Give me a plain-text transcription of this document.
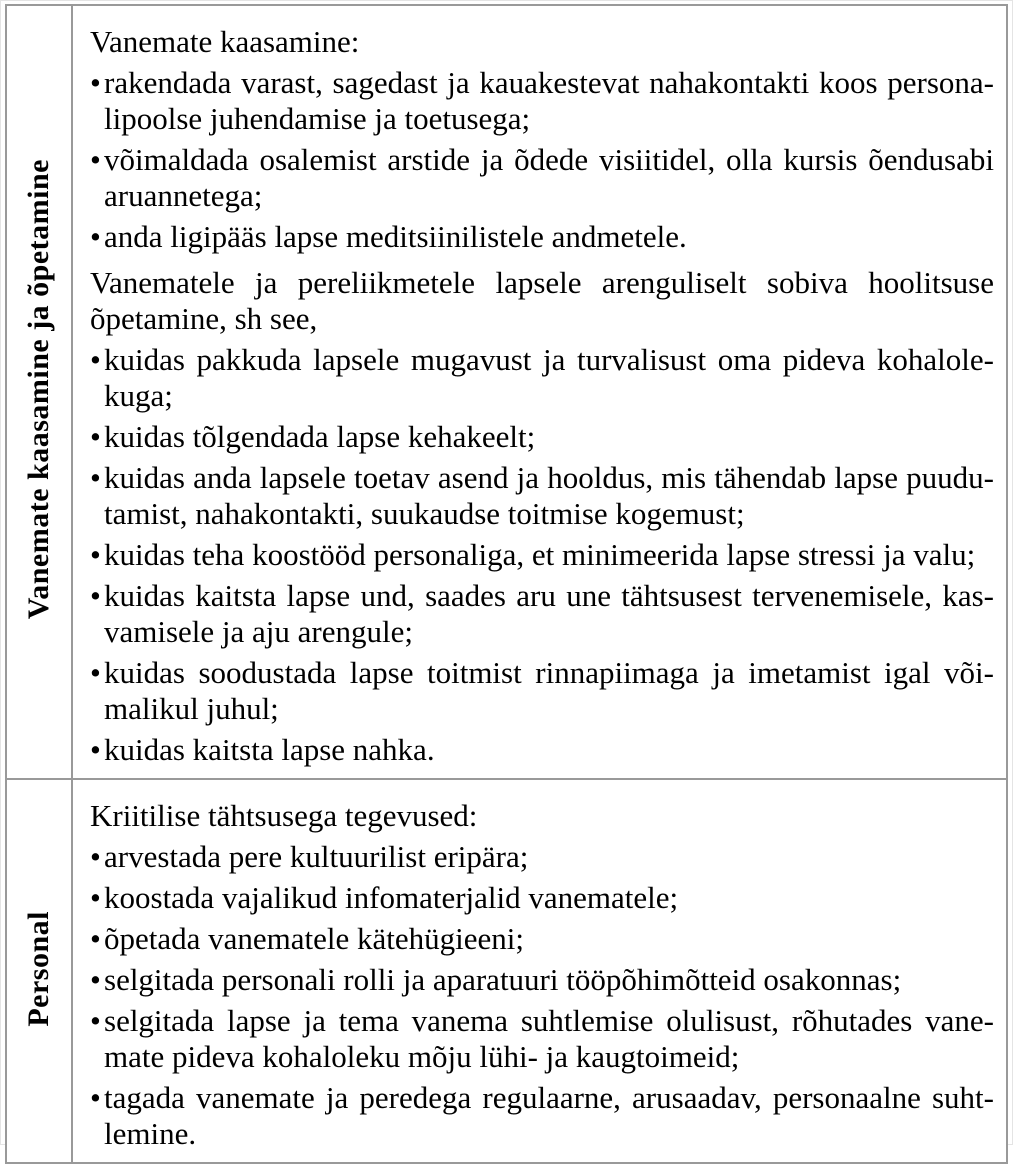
Vanemate kaasamine ja õpetamine	

Vanemate kaasamine:

• rakendada varast, sagedast ja kauakestevat nahakontakti koos personalipoolse juhendamise ja toetusega;
• võimaldada osalemist arstide ja õdede visiitidel, olla kursis õendusabi aruannetega;
• anda ligipääs lapse meditsiinilistele andmetele.

Vanematele ja pereliikmetele lapsele arenguliselt sobiva hoolitsuse õpetamine, sh see,

• kuidas pakkuda lapsele mugavust ja turvalisust oma pideva kohalolekuga;
• kuidas tõlgendada lapse kehakeelt;
• kuidas anda lapsele toetav asend ja hooldus, mis tähendab lapse puudutamist, nahakontakti, suukaudse toitmise kogemust;
• kuidas teha koostööd personaliga, et minimeerida lapse stressi ja valu;
• kuidas kaitsta lapse und, saades aru une tähtsusest tervenemisele, kasvamisele ja aju arengule;
• kuidas soodustada lapse toitmist rinnapiimaga ja imetamist igal võimalikul juhul;
• kuidas kaitsta lapse nahka.

Personal	

Kriitilise tähtsusega tegevused:

• arvestada pere kultuurilist eripära;
• koostada vajalikud infomaterjalid vanematele;
• õpetada vanematele kätehügieeni;
• selgitada personali rolli ja aparatuuri tööpõhimõtteid osakonnas;
• selgitada lapse ja tema vanema suhtlemise olulisust, rõhutades vanemate pideva kohaloleku mõju lühi- ja kaugtoimeid;
• tagada vanemate ja peredega regulaarne, arusaadav, personaalne suhtlemine.
